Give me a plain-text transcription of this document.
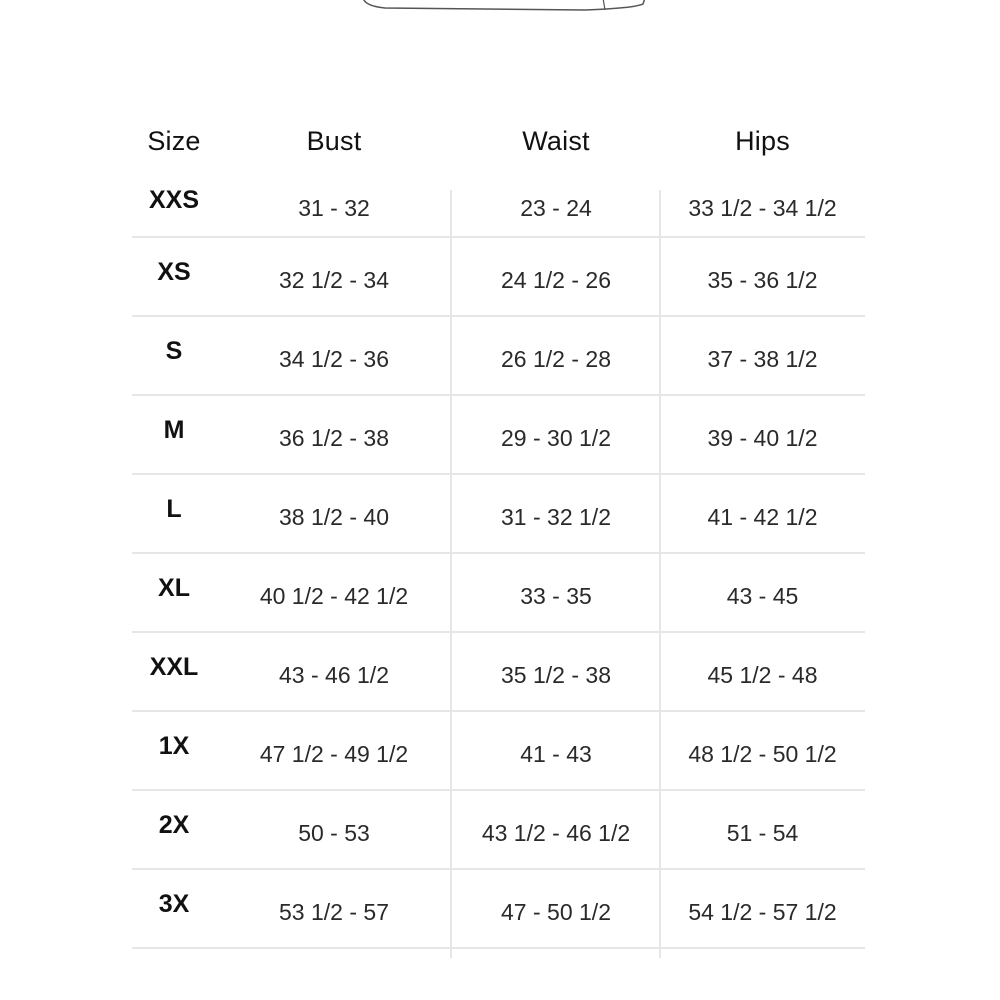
Size	Bust	Waist	Hips
XXS	31 - 32	23 - 24	33 1/2 - 34 1/2
XS	32 1/2 - 34	24 1/2 - 26	35 - 36 1/2
S	34 1/2 - 36	26 1/2 - 28	37 - 38 1/2
M	36 1/2 - 38	29 - 30 1/2	39 - 40 1/2
L	38 1/2 - 40	31 - 32 1/2	41 - 42 1/2
XL	40 1/2 - 42 1/2	33 - 35	43 - 45
XXL	43 - 46 1/2	35 1/2 - 38	45 1/2 - 48
1X	47 1/2 - 49 1/2	41 - 43	48 1/2 - 50 1/2
2X	50 - 53	43 1/2 - 46 1/2	51 - 54
3X	53 1/2 - 57	47 - 50 1/2	54 1/2 - 57 1/2
